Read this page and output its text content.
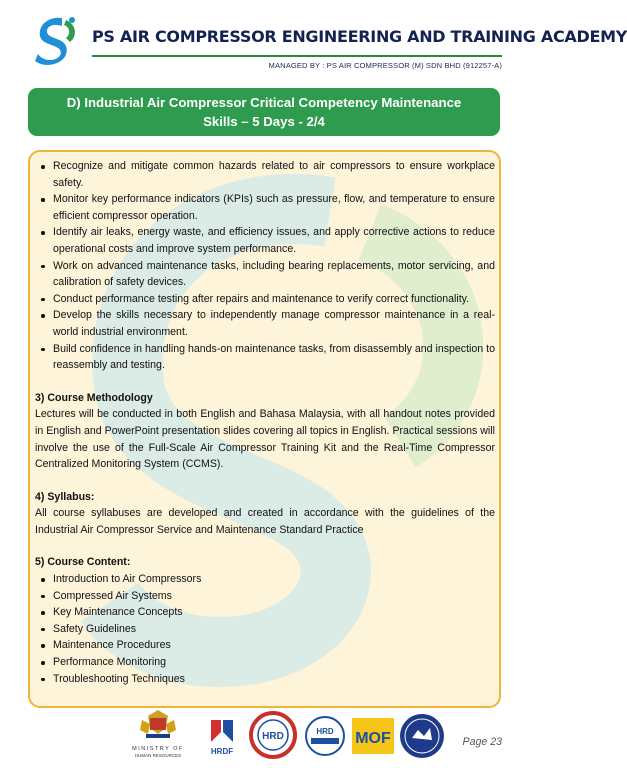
PS AIR COMPRESSOR ENGINEERING AND TRAINING ACADEMY
MANAGED BY : PS AIR COMPRESSOR (M) SDN BHD (912257-A)
D) Industrial Air Compressor Critical Competency Maintenance
Skills – 5 Days - 2/4
Recognize and mitigate common hazards related to air compressors to ensure workplace safety.
Monitor key performance indicators (KPIs) such as pressure, flow, and temperature to ensure efficient compressor operation.
Identify air leaks, energy waste, and efficiency issues, and apply corrective actions to reduce operational costs and improve system performance.
Work on advanced maintenance tasks, including bearing replacements, motor servicing, and calibration of safety devices.
Conduct performance testing after repairs and maintenance to verify correct functionality.
Develop the skills necessary to independently manage compressor maintenance in a real-world industrial environment.
Build confidence in handling hands-on maintenance tasks, from disassembly and inspection to reassembly and testing.
3) Course Methodology
Lectures will be conducted in both English and Bahasa Malaysia, with all handout notes provided in English and PowerPoint presentation slides covering all topics in English. Practical sessions will involve the use of the Full-Scale Air Compressor Training Kit and the Real-Time Compressor Centralized Monitoring System (CCMS).
4) Syllabus:
All course syllabuses are developed and created in accordance with the guidelines of the Industrial Air Compressor Service and Maintenance Standard Practice
5) Course Content:
Introduction to Air Compressors
Compressed Air Systems
Key Maintenance Concepts
Safety Guidelines
Maintenance Procedures
Performance Monitoring
Troubleshooting Techniques
MINISTRY OF
HUMAN RESOURCES	HRDF
HRD	HRD MOF	Page 23
